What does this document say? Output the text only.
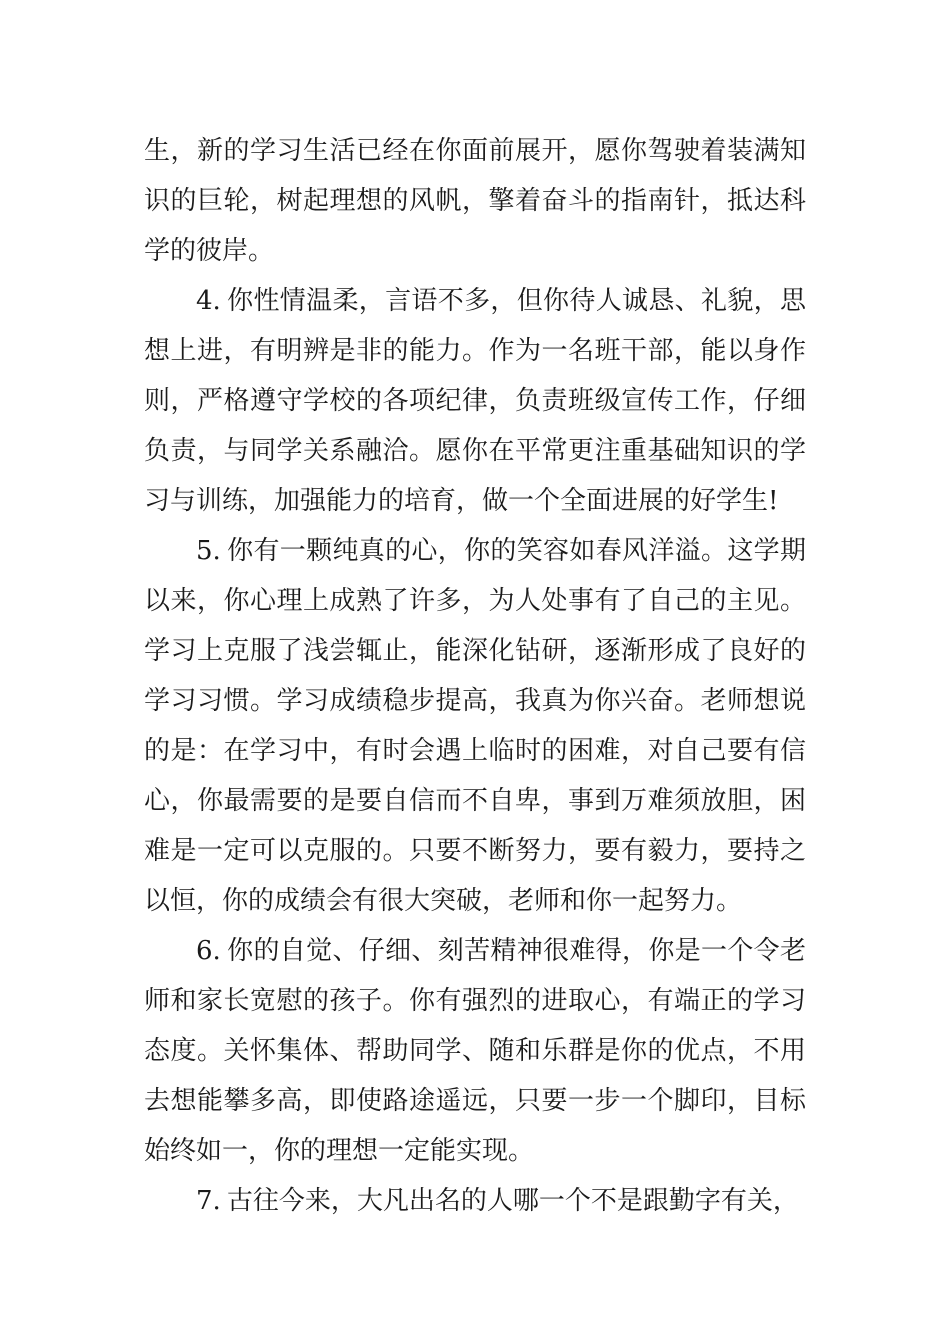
生，新的学习生活已经在你面前展开，愿你驾驶着装满知识的巨轮，树起理想的风帆，擎着奋斗的指南针，抵达科学的彼岸。

4. 你性情温柔，言语不多，但你待人诚恳、礼貌，思想上进，有明辨是非的能力。作为一名班干部，能以身作则，严格遵守学校的各项纪律，负责班级宣传工作，仔细负责，与同学关系融洽。愿你在平常更注重基础知识的学习与训练，加强能力的培育，做一个全面进展的好学生!

5. 你有一颗纯真的心，你的笑容如春风洋溢。这学期以来，你心理上成熟了许多，为人处事有了自己的主见。学习上克服了浅尝辄止，能深化钻研，逐渐形成了良好的学习习惯。学习成绩稳步提高，我真为你兴奋。老师想说的是：在学习中，有时会遇上临时的困难，对自己要有信心，你最需要的是要自信而不自卑，事到万难须放胆，困难是一定可以克服的。只要不断努力，要有毅力，要持之以恒，你的成绩会有很大突破，老师和你一起努力。

6. 你的自觉、仔细、刻苦精神很难得，你是一个令老师和家长宽慰的孩子。你有强烈的进取心，有端正的学习态度。关怀集体、帮助同学、随和乐群是你的优点，不用去想能攀多高，即使路途遥远，只要一步一个脚印，目标始终如一，你的理想一定能实现。

7. 古往今来，大凡出名的人哪一个不是跟勤字有关，
